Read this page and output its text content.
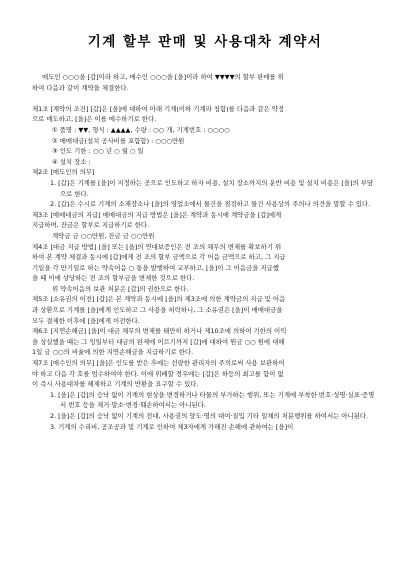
기계 할부 판매 및 사용대차 계약서

매도인 ○○○을 [갑]이라 하고, 매수인 ○○○을 [을]이라 하여 ▼▼▼▼의 할부 판매를 위

하여 다음과 같이 계약을 체결한다.

제1조 [계약의 조건] [갑]은 [을]에 대하여 아래 기계(이하 기계라 칭함)를 다음과 같은 약정

으로 매도하고, [을]은 이를 매수하기로 한다.

① 품명 : ▼▼, 형식 : ▲▲▲▲, 수량 : ○○ 개, 기계번호 : ○○○○

② 매매대금(설치 공사비를 포함함) : ○○○만원

③ 인도 기한 : ○○ 년 ○ 월 ○ 일

④ 설치 장소 :

제2조 [매도인의 의무]

1. [갑]은 기계를 [을]이 지정하는 곳으로 인도하고 하자 비용, 설치 장소까지의 운반 비용 및 설치 비용은 [을]의 부담으로 한다.

2. [갑]은 수시로 기계의 소재장소나 [을]의 영업소에서 물건을 점검하고 물건 사용상의 주의나 의견을 말할 수 있다.

제3조 [매매대금의 지급] 매매대금의 지급 방법은 [을]은 계약과 동시에 계약금을 [갑]에게

지급하며, 잔금은 할부로 지급하기로 한다.

계약금 금 ○○만원, 잔금 금 ○○만원

제4조 [대금 지급 방법] [을] 또는 [을]의 연대보증인은 전 조의 채무의 변제를 확보하기 위

하여 본 계약 체결과 동시에 [갑]에게 전 조의 할부 금액으로 각 어음 금액으로 하고, 그 지급

기일을 각 만기일로 하는 약속어음 ○ 통을 발행하여 교부하고, [을]이 그 어음금을 지급했

을 때 이에 상당하는 전 조의 할부금을 변제한 것으로 한다.

위 약속어음의 보관 처분은 [갑]의 권한으로 한다.

제5조 [소유권의 이전] [갑]은 본 계약과 동시에 [을]의 제3조에 의한 계약금의 지급 및 어음

과 상환으로 기계를 [을]에게 인도하고 그 사용을 허락하니, 그 소유권은 [을]이 매매대금을

모두 결제한 이후에 [을]에게 이전한다.

제6조 [지연손해금] [을]이 대금 채무의 변제를 태만히 하거나 제10조에 의하여 기한의 이익

을 상실했을 때는 그 잉일부터 대금의 완제에 이르기까지 [갑]에 대하여 원금 ○○ 원에 대해

1일 금 ○○의 비율에 의한 지연손해금을 지급하기로 한다.

제7조 [매수인의 의무] [을]은 인도를 받은 후에는 선량한 관리자의 주의로써 사용 보관하여

야 하고 다음 각 호를 엄수하여야 한다. 이에 위배할 경우에는 [갑]은 하등의 최고를 함이 없

이 즉시 사용대차를 해제하고 기계의 반환을 요구할 수 있다.

1. [을]은 [갑]의 승낙 없이 기계의 현상을 변경하거나 타물의 부가하는 행위, 또는 기계에 부착한 번호·성명·실표·증명서 번호 등을 제거·말소·변경·훼손하여서는 아니된다.

2. [을]은 [갑]의 승낙 없이 기계의 전대, 사용권의 양도·명의 대여·질입 기타 일체의 처분행위를 하여서는 아니된다.

3. 기계의 수리비, 공조공과 및 기계로 인하여 제3자에게 가해진 손해에 관하여는 [을]이
